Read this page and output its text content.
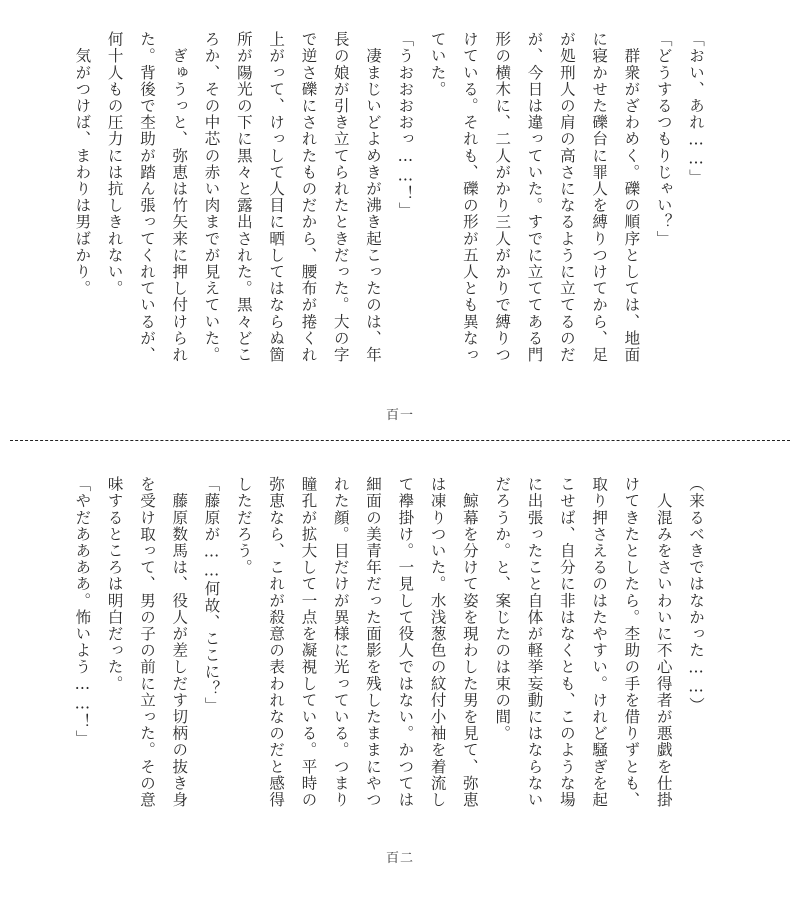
「おい、あれ……」
「どうするつもりじゃい？」
　群衆がざわめく。礫の順序としては、地面
に寝かせた礫台に罪人を縛りつけてから、足
が処刑人の肩の高さになるように立てるのだ
が、今日は違っていた。すでに立ててある門
形の横木に、二人がかり三人がかりで縛りつ
けている。それも、礫の形が五人とも異なっ
ていた。
「うおおおおっ……！」
　凄まじいどよめきが沸き起こったのは、年
長の娘が引き立てられたときだった。大の字
で逆さ礫にされたものだから、腰布が捲くれ
上がって、けっして人目に晒してはならぬ箇
所が陽光の下に黒々と露出された。黒々どこ
ろか、その中芯の赤い肉までが見えていた。
　ぎゅうっと、弥恵は竹矢来に押し付けられ
た。背後で杢助が踏ん張ってくれているが、
何十人もの圧力には抗しきれない。
　気がつけば、まわりは男ばかり。
百一
（来るべきではなかった……）
　人混みをさいわいに不心得者が悪戯を仕掛
けてきたとしたら。杢助の手を借りずとも、
取り押さえるのはたやすい。けれど騒ぎを起
こせば、自分に非はなくとも、このような場
に出張ったこと自体が軽挙妄動にはならない
だろうか。と、案じたのは束の間。
　鯨幕を分けて姿を現わした男を見て、弥恵
は凍りついた。水浅葱色の紋付小袖を着流し
て襷掛け。一見して役人ではない。かつては
細面の美青年だった面影を残したままにやつ
れた顔。目だけが異様に光っている。つまり
瞳孔が拡大して一点を凝視している。平時の
弥恵なら、これが殺意の表われなのだと感得
しただろう。
「藤原が……何故、ここに？」
　藤原数馬は、役人が差しだす切柄の抜き身
を受け取って、男の子の前に立った。その意
味するところは明白だった。
「やだああああ。怖いよう……！」
百二
